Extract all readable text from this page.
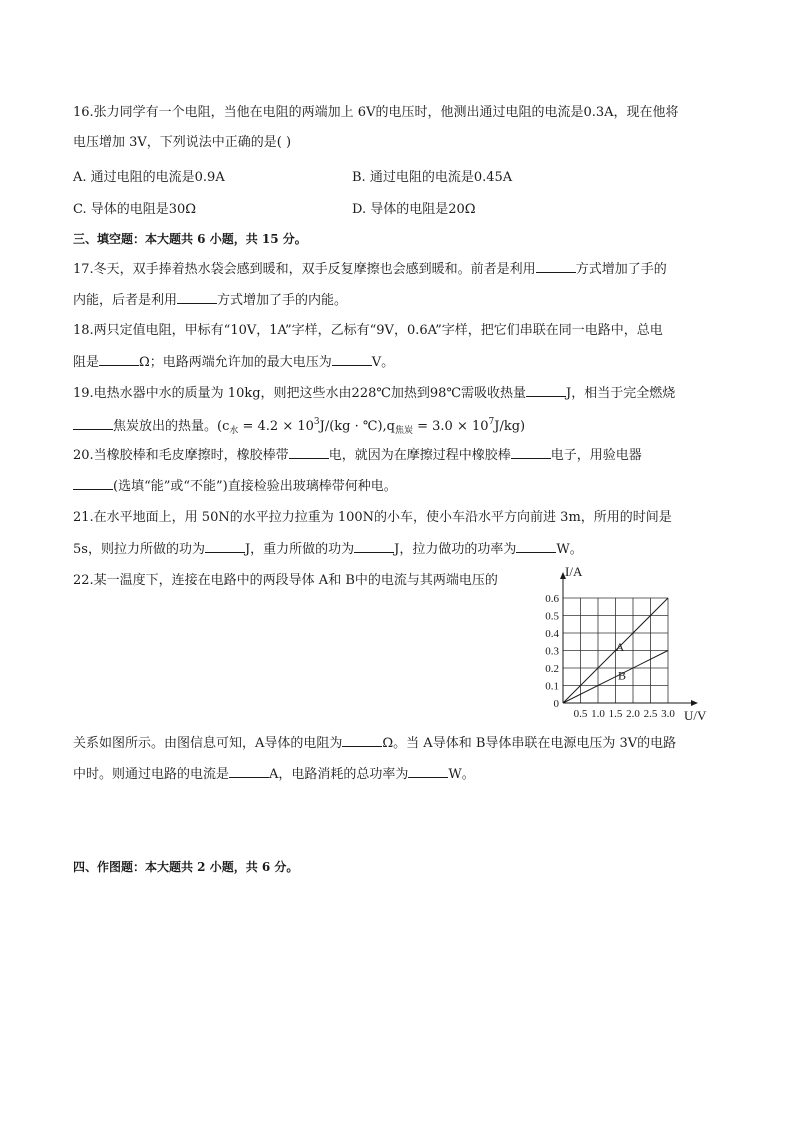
16.张力同学有一个电阻，当他在电阻的两端加上 6V的电压时，他测出通过电阻的电流是0.3A，现在他将
电压增加 3V，下列说法中正确的是( )
A. 通过电阻的电流是0.9A	B. 通过电阻的电流是0.45A
C. 导体的电阻是30Ω	D. 导体的电阻是20Ω
三、填空题：本大题共 6 小题，共 15 分。
17.冬天，双手捧着热水袋会感到暖和，双手反复摩擦也会感到暖和。前者是利用	方式增加了手的
内能，后者是利用	方式增加了手的内能。
18.两只定值电阻，甲标有“10V，1A”字样，乙标有“9V，0.6A”字样，把它们串联在同一电路中，总电
阻是	Ω；电路两端允许加的最大电压为	V。
19.电热水器中水的质量为 10kg，则把这些水由228℃加热到98℃需吸收热量	J，相当于完全燃烧
焦炭放出的热量。($c_水 = 4.2 \times 10^3J/(kg$ · $℃),q_{焦炭} = 3.0 \times 10^7J/kg$)
20.当橡胶棒和毛皮摩擦时，橡胶棒带	电，就因为在摩擦过程中橡胶棒	电子，用验电器
(选填“能”或“不能”)直接检验出玻璃棒带何种电。
21.在水平地面上，用 50N的水平拉力拉重为 100N的小车，使小车沿水平方向前进 3m，所用的时间是
5s，则拉力所做的功为	J，重力所做的功为	J，拉力做功的功率为	W。
22.某一温度下，连接在电路中的两段导体 A和 B中的电流与其两端电压的
0.5 1.0 1.5 2.0 2.5 3.0
0.1
0.2
0.3
0.4
0.5
0.6
0
U/V
I/A
A
B
关系如图所示。由图信息可知，A导体的电阻为	Ω。当 A导体和 B导体串联在电源电压为 3V的电路
中时。则通过电路的电流是	A，电路消耗的总功率为	W。
四、作图题：本大题共 2 小题，共 6 分。
